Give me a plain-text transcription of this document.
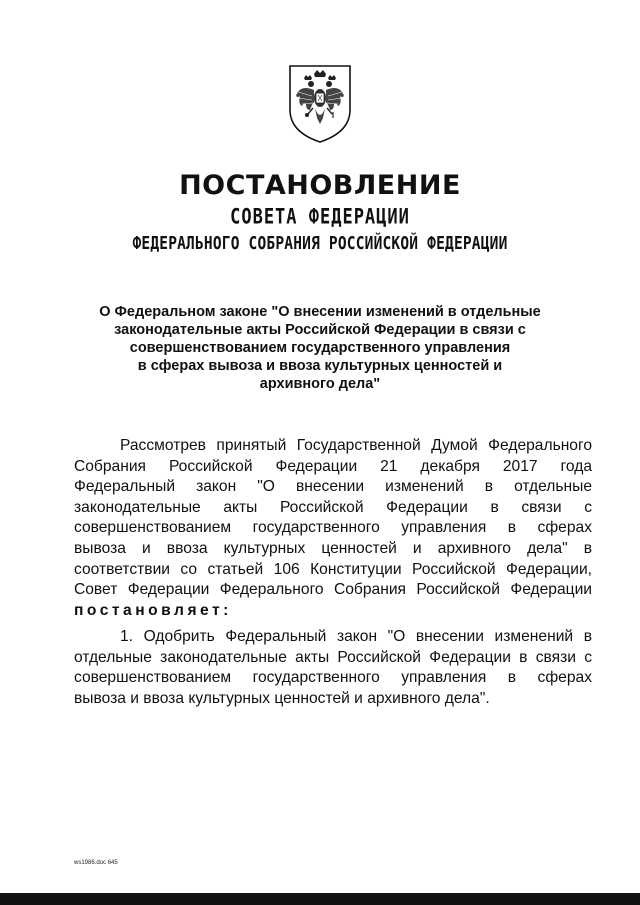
ПОСТАНОВЛЕНИЕ
СОВЕТА ФЕДЕРАЦИИ
ФЕДЕРАЛЬНОГО СОБРАНИЯ РОССИЙСКОЙ ФЕДЕРАЦИИ
О Федеральном законе "О внесении изменений в отдельные
законодательные акты Российской Федерации в связи с
совершенствованием государственного управления
в сферах вывоза и ввоза культурных ценностей и
архивного дела"
Рассмотрев принятый Государственной Думой Федерального
Собрания Российской Федерации 21 декабря 2017 года
Федеральный закон "О внесении изменений в отдельные
законодательные акты Российской Федерации в связи с
совершенствованием государственного управления в сферах
вывоза и ввоза культурных ценностей и архивного дела" в
соответствии со статьей 106 Конституции Российской Федерации,
Совет Федерации Федерального Собрания Российской Федерации
постановляет:
1. Одобрить Федеральный закон "О внесении изменений в
отдельные законодательные акты Российской Федерации в связи с
совершенствованием государственного управления в сферах
вывоза и ввоза культурных ценностей и архивного дела".
ws1986.doc 645
